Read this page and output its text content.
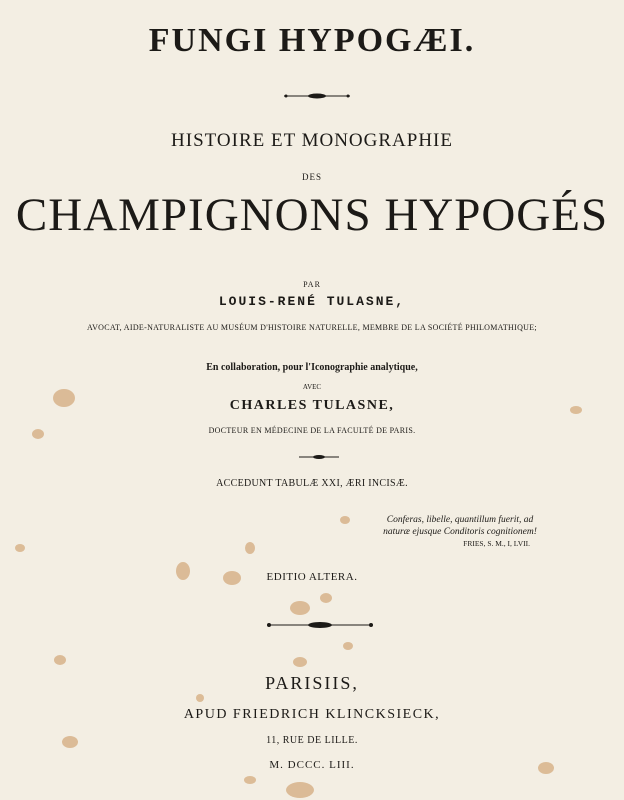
FUNGI HYPOGÆI.
HISTOIRE ET MONOGRAPHIE
DES
CHAMPIGNONS HYPOGÉS
PAR
LOUIS-RENÉ TULASNE,
AVOCAT, AIDE-NATURALISTE AU MUSÉUM D'HISTOIRE NATURELLE, MEMBRE DE LA SOCIÉTÉ PHILOMATHIQUE;
En collaboration, pour l'Iconographie analytique,
AVEC
CHARLES TULASNE,
DOCTEUR EN MÉDECINE DE LA FACULTÉ DE PARIS.
ACCEDUNT TABULÆ XXI, ÆRI INCISÆ.
Conferas, libelle, quantillum fuerit, ad
naturæ ejusque Conditoris cognitionem!
FRIES, S. M., I, LVII.
EDITIO ALTERA.
PARISIIS,
APUD FRIEDRICH KLINCKSIECK,
11, RUE DE LILLE.
M. DCCC. LIII.
